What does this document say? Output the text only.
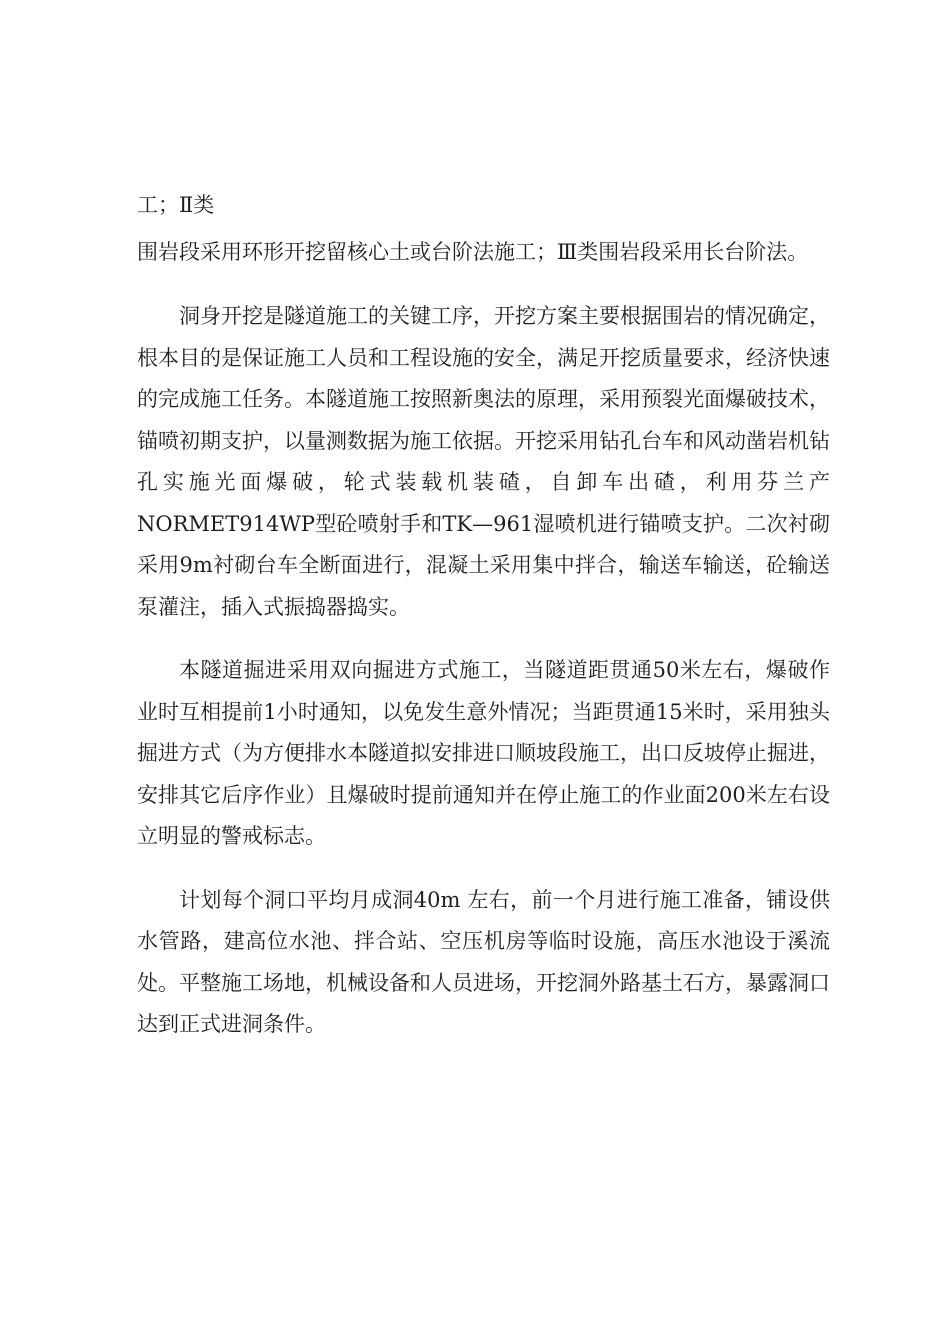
工；Ⅱ类

围岩段采用环形开挖留核心土或台阶法施工；Ⅲ类围岩段采用长台阶法。

洞身开挖是隧道施工的关键工序，开挖方案主要根据围岩的情况确定，根本目的是保证施工人员和工程设施的安全，满足开挖质量要求，经济快速的完成施工任务。本隧道施工按照新奥法的原理，采用预裂光面爆破技术，锚喷初期支护，以量测数据为施工依据。开挖采用钻孔台车和风动凿岩机钻孔实施光面爆破，轮式装载机装碴，自卸车出碴，利用芬兰产NORMET914WP型砼喷射手和TK—961湿喷机进行锚喷支护。二次衬砌采用9m衬砌台车全断面进行，混凝土采用集中拌合，输送车输送，砼输送泵灌注，插入式振捣器捣实。

本隧道掘进采用双向掘进方式施工，当隧道距贯通50米左右，爆破作业时互相提前1小时通知，以免发生意外情况；当距贯通15米时，采用独头掘进方式（为方便排水本隧道拟安排进口顺坡段施工，出口反坡停止掘进，安排其它后序作业）且爆破时提前通知并在停止施工的作业面200米左右设立明显的警戒标志。

计划每个洞口平均月成洞40m 左右，前一个月进行施工准备，铺设供水管路，建高位水池、拌合站、空压机房等临时设施，高压水池设于溪流处。平整施工场地，机械设备和人员进场，开挖洞外路基土石方，暴露洞口达到正式进洞条件。
